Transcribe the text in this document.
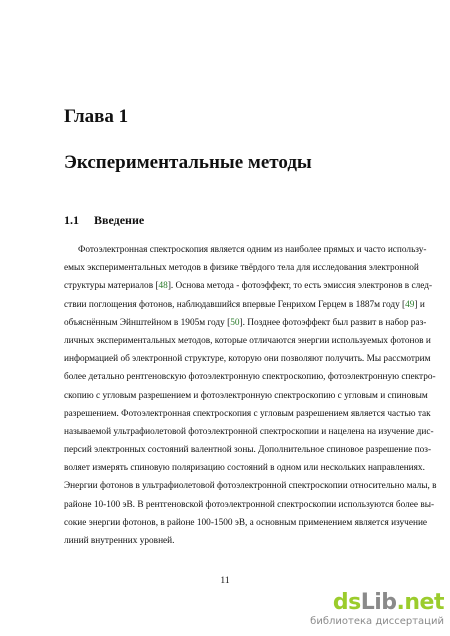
Глава 1
Экспериментальные методы
1.1 Введение
Фотоэлектронная спектроскопия является одним из наиболее прямых и часто использу-
емых экспериментальных методов в физике твёрдого тела для исследования электронной
структуры материалов [48]. Основа метода - фотоэффект, то есть эмиссия электронов в след-
ствии поглощения фотонов, наблюдавшийся впервые Генрихом Герцем в 1887м году [49] и
объяснённым Эйнштейном в 1905м году [50]. Позднее фотоэффект был развит в набор раз-
личных экспериментальных методов, которые отличаются энергии используемых фотонов и
информацией об электронной структуре, которую они позволяют получить. Мы рассмотрим
более детально рентгеновскую фотоэлектронную спектроскопию, фотоэлектронную спектро-
скопию с угловым разрешением и фотоэлектронную спектроскопию с угловым и спиновым
разрешением. Фотоэлектронная спектроскопия с угловым разрешением является частью так
называемой ультрафиолетовой фотоэлектронной спектроскопии и нацелена на изучение дис-
персий электронных состояний валентной зоны. Дополнительное спиновое разрешение поз-
воляет измерять спиновую поляризацию состояний в одном или нескольких направлениях.
Энергии фотонов в ультрафиолетовой фотоэлектронной спектроскопии относительно малы, в
районе 10-100 эВ. В рентгеновской фотоэлектронной спектроскопии используются более вы-
сокие энергии фотонов, в районе 100-1500 эВ, а основным применением является изучение
линий внутренних уровней.
11
dsLib.net
библиотека диссертаций
